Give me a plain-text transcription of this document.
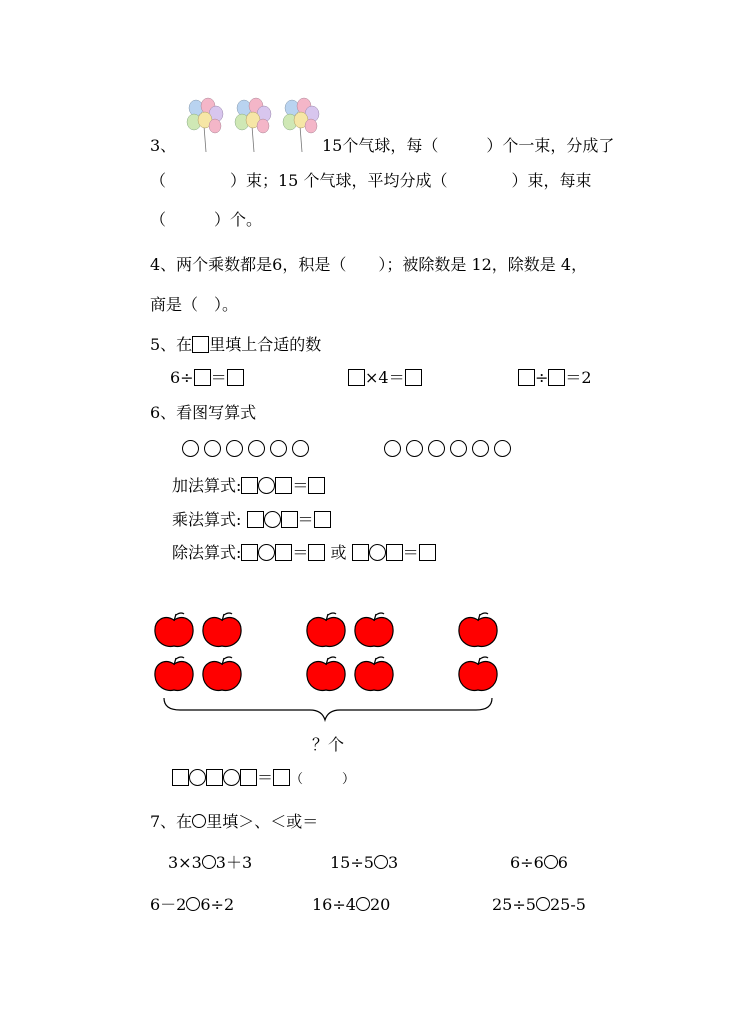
3、	15个气球，每（　　　）个一束，分成了
（　　　　）束；15 个气球，平均分成（　　　　）束，每束
（　　　）个。
4、两个乘数都是6，积是（　　）；被除数是 12，除数是 4，
商是（　）。
5、在 里填上合适的数
6÷ ＝	×4＝	÷ ＝2
6、看图写算式
加法算式:	＝
乘法算式:	＝
除法算式:	＝ 或	＝
？个
＝ （　　　）
7、在 里填＞、＜或＝
3×3 3＋3	15÷5 3	6÷6 6
6－2 6÷2	16÷4 20	25÷5 25-5
